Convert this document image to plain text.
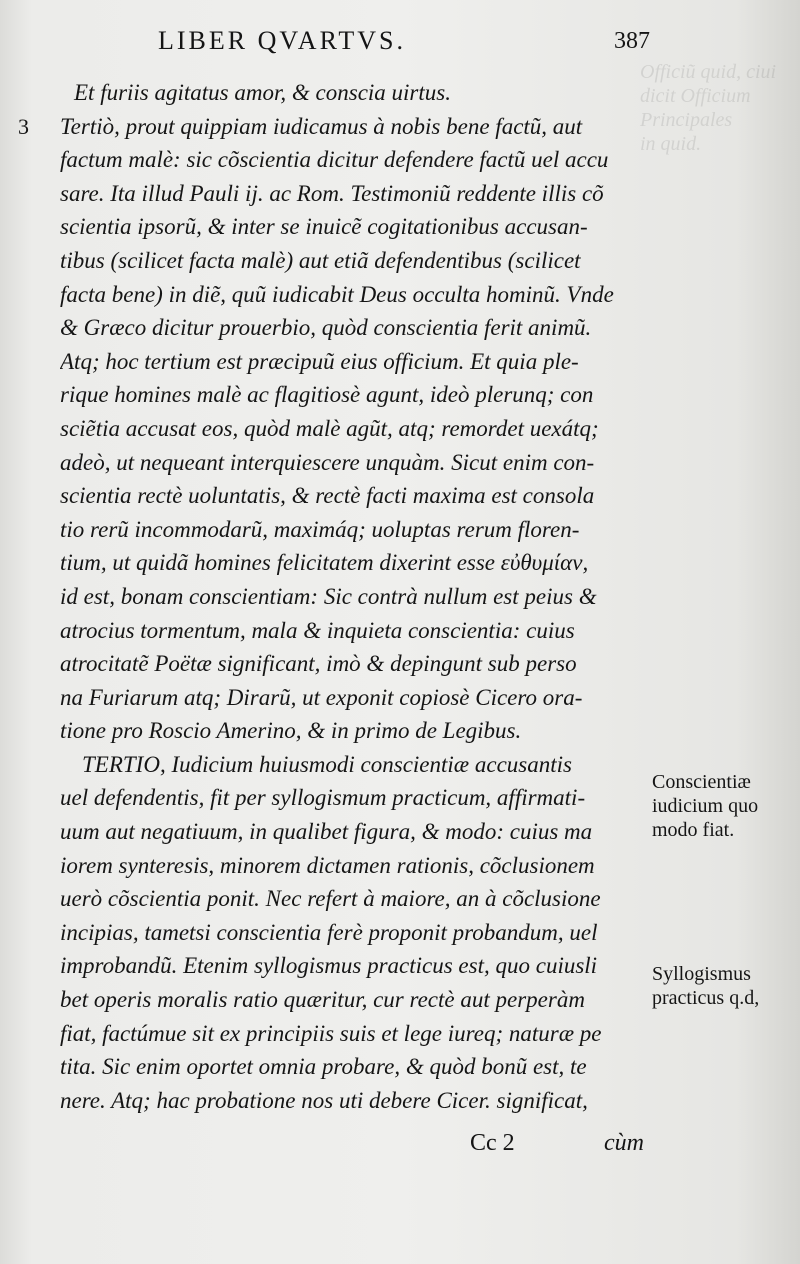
Officiũ quid, ciui dicit Officium
Principales
in quid.
LIBER QVARTVS.	387
3
Et furiis agitatus amor, & conscia uirtus.
Tertiò, prout quippiam iudicamus à nobis bene factũ, aut
factum malè: sic cõscientia dicitur defendere factũ uel accu
sare. Ita illud Pauli ij. ac Rom. Testimoniũ reddente illis cõ
scientia ipsorũ, & inter se inuicẽ cogitationibus accusan-
tibus (scilicet facta malè) aut etiã defendentibus (scilicet
facta bene) in diẽ, quũ iudicabit Deus occulta hominũ. Vnde
& Græco dicitur prouerbio, quòd conscientia ferit animũ.
Atq; hoc tertium est præcipuũ eius officium. Et quia ple-
rique homines malè ac flagitiosè agunt, ideò plerunq; con
sciẽtia accusat eos, quòd malè agũt, atq; remordet uexátq;
adeò, ut nequeant interquiescere unquàm. Sicut enim con-
scientia rectè uoluntatis, & rectè facti maxima est consola
tio rerũ incommodarũ, maximáq; uoluptas rerum floren-
tium, ut quidã homines felicitatem dixerint esse εὐθυμίαν,
id est, bonam conscientiam: Sic contrà nullum est peius &
atrocius tormentum, mala & inquieta conscientia: cuius
atrocitatẽ Poëtæ significant, imò & depingunt sub perso
na Furiarum atq; Dirarũ, ut exponit copiosè Cicero ora-
tione pro Roscio Amerino, & in primo de Legibus.
TERTIO, Iudicium huiusmodi conscientiæ accusantis
uel defendentis, fit per syllogismum practicum, affirmati-
uum aut negatiuum, in qualibet figura, & modo: cuius ma
iorem synteresis, minorem dictamen rationis, cõclusionem
uerò cõscientia ponit. Nec refert à maiore, an à cõclusione
incipias, tametsi conscientia ferè proponit probandum, uel
improbandũ. Etenim syllogismus practicus est, quo cuiusli
bet operis moralis ratio quæritur, cur rectè aut perperàm
fiat, factúmue sit ex principiis suis et lege iureq; naturæ pe
tita. Sic enim oportet omnia probare, & quòd bonũ est, te
nere. Atq; hac probatione nos uti debere Cicer. significat,
Cc 2	cùm
Conscientiæ
iudicium quo
modo fiat.
Syllogismus
practicus q.d,
